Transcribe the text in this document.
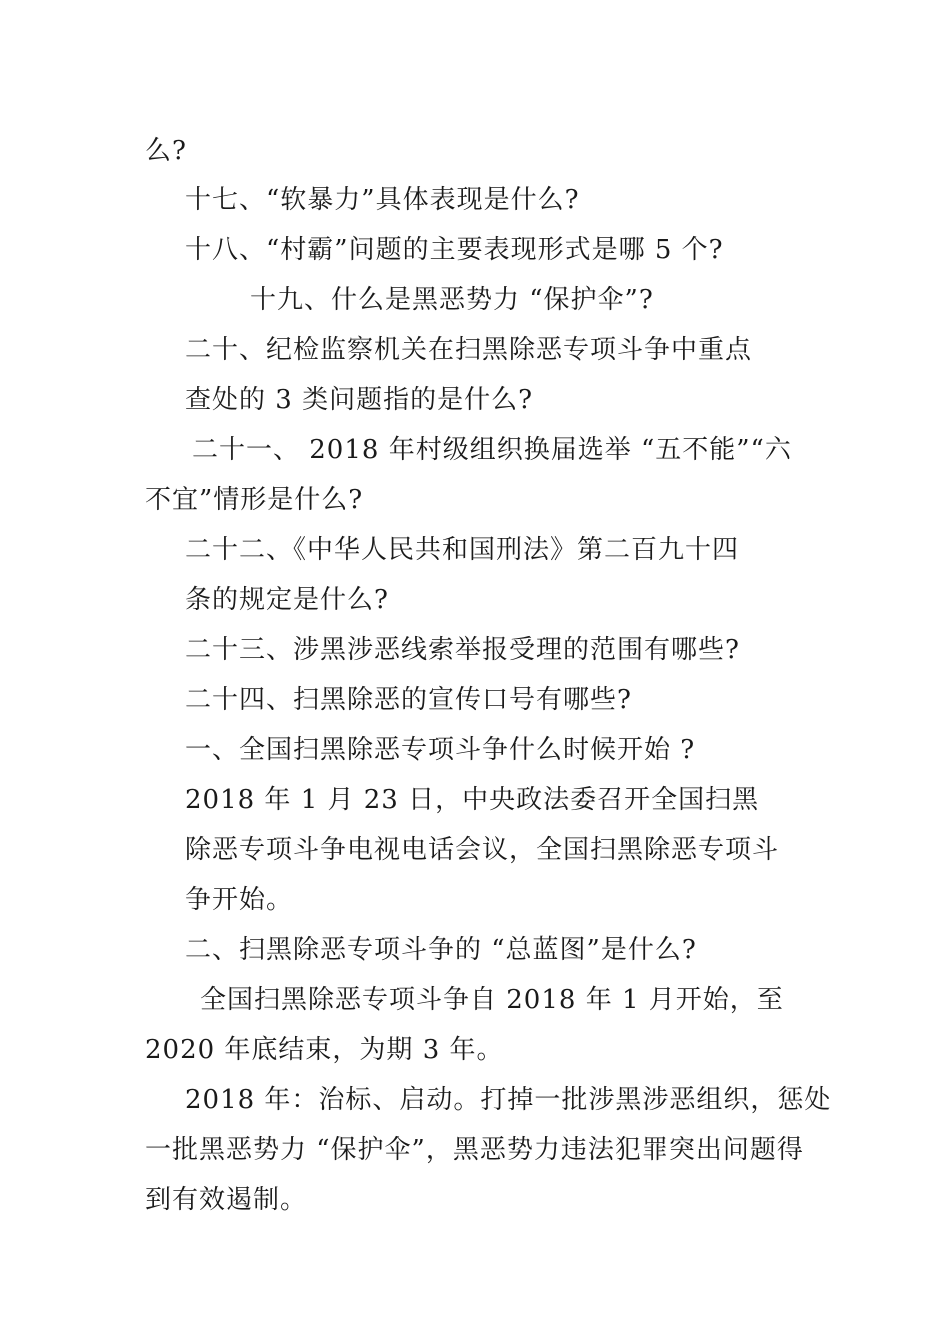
么?
十七、“软暴力”具体表现是什么?
十八、“村霸”问题的主要表现形式是哪 5 个?
十九、什么是黑恶势力 “保护伞”?
二十、纪检监察机关在扫黑除恶专项斗争中重点
查处的 3 类问题指的是什么?
二十一、 2018 年村级组织换届选举 “五不能”“六
不宜”情形是什么?
二十二、《中华人民共和国刑法》第二百九十四
条的规定是什么?
二十三、涉黑涉恶线索举报受理的范围有哪些?
二十四、扫黑除恶的宣传口号有哪些?
一、全国扫黑除恶专项斗争什么时候开始 ?
2018 年 1 月 23 日，中央政法委召开全国扫黑
除恶专项斗争电视电话会议，全国扫黑除恶专项斗
争开始。
二、扫黑除恶专项斗争的 “总蓝图”是什么?
全国扫黑除恶专项斗争自 2018 年 1 月开始，至
2020 年底结束，为期 3 年。
2018 年：治标、启动。打掉一批涉黑涉恶组织，惩处
一批黑恶势力 “保护伞”，黑恶势力违法犯罪突出问题得
到有效遏制。
